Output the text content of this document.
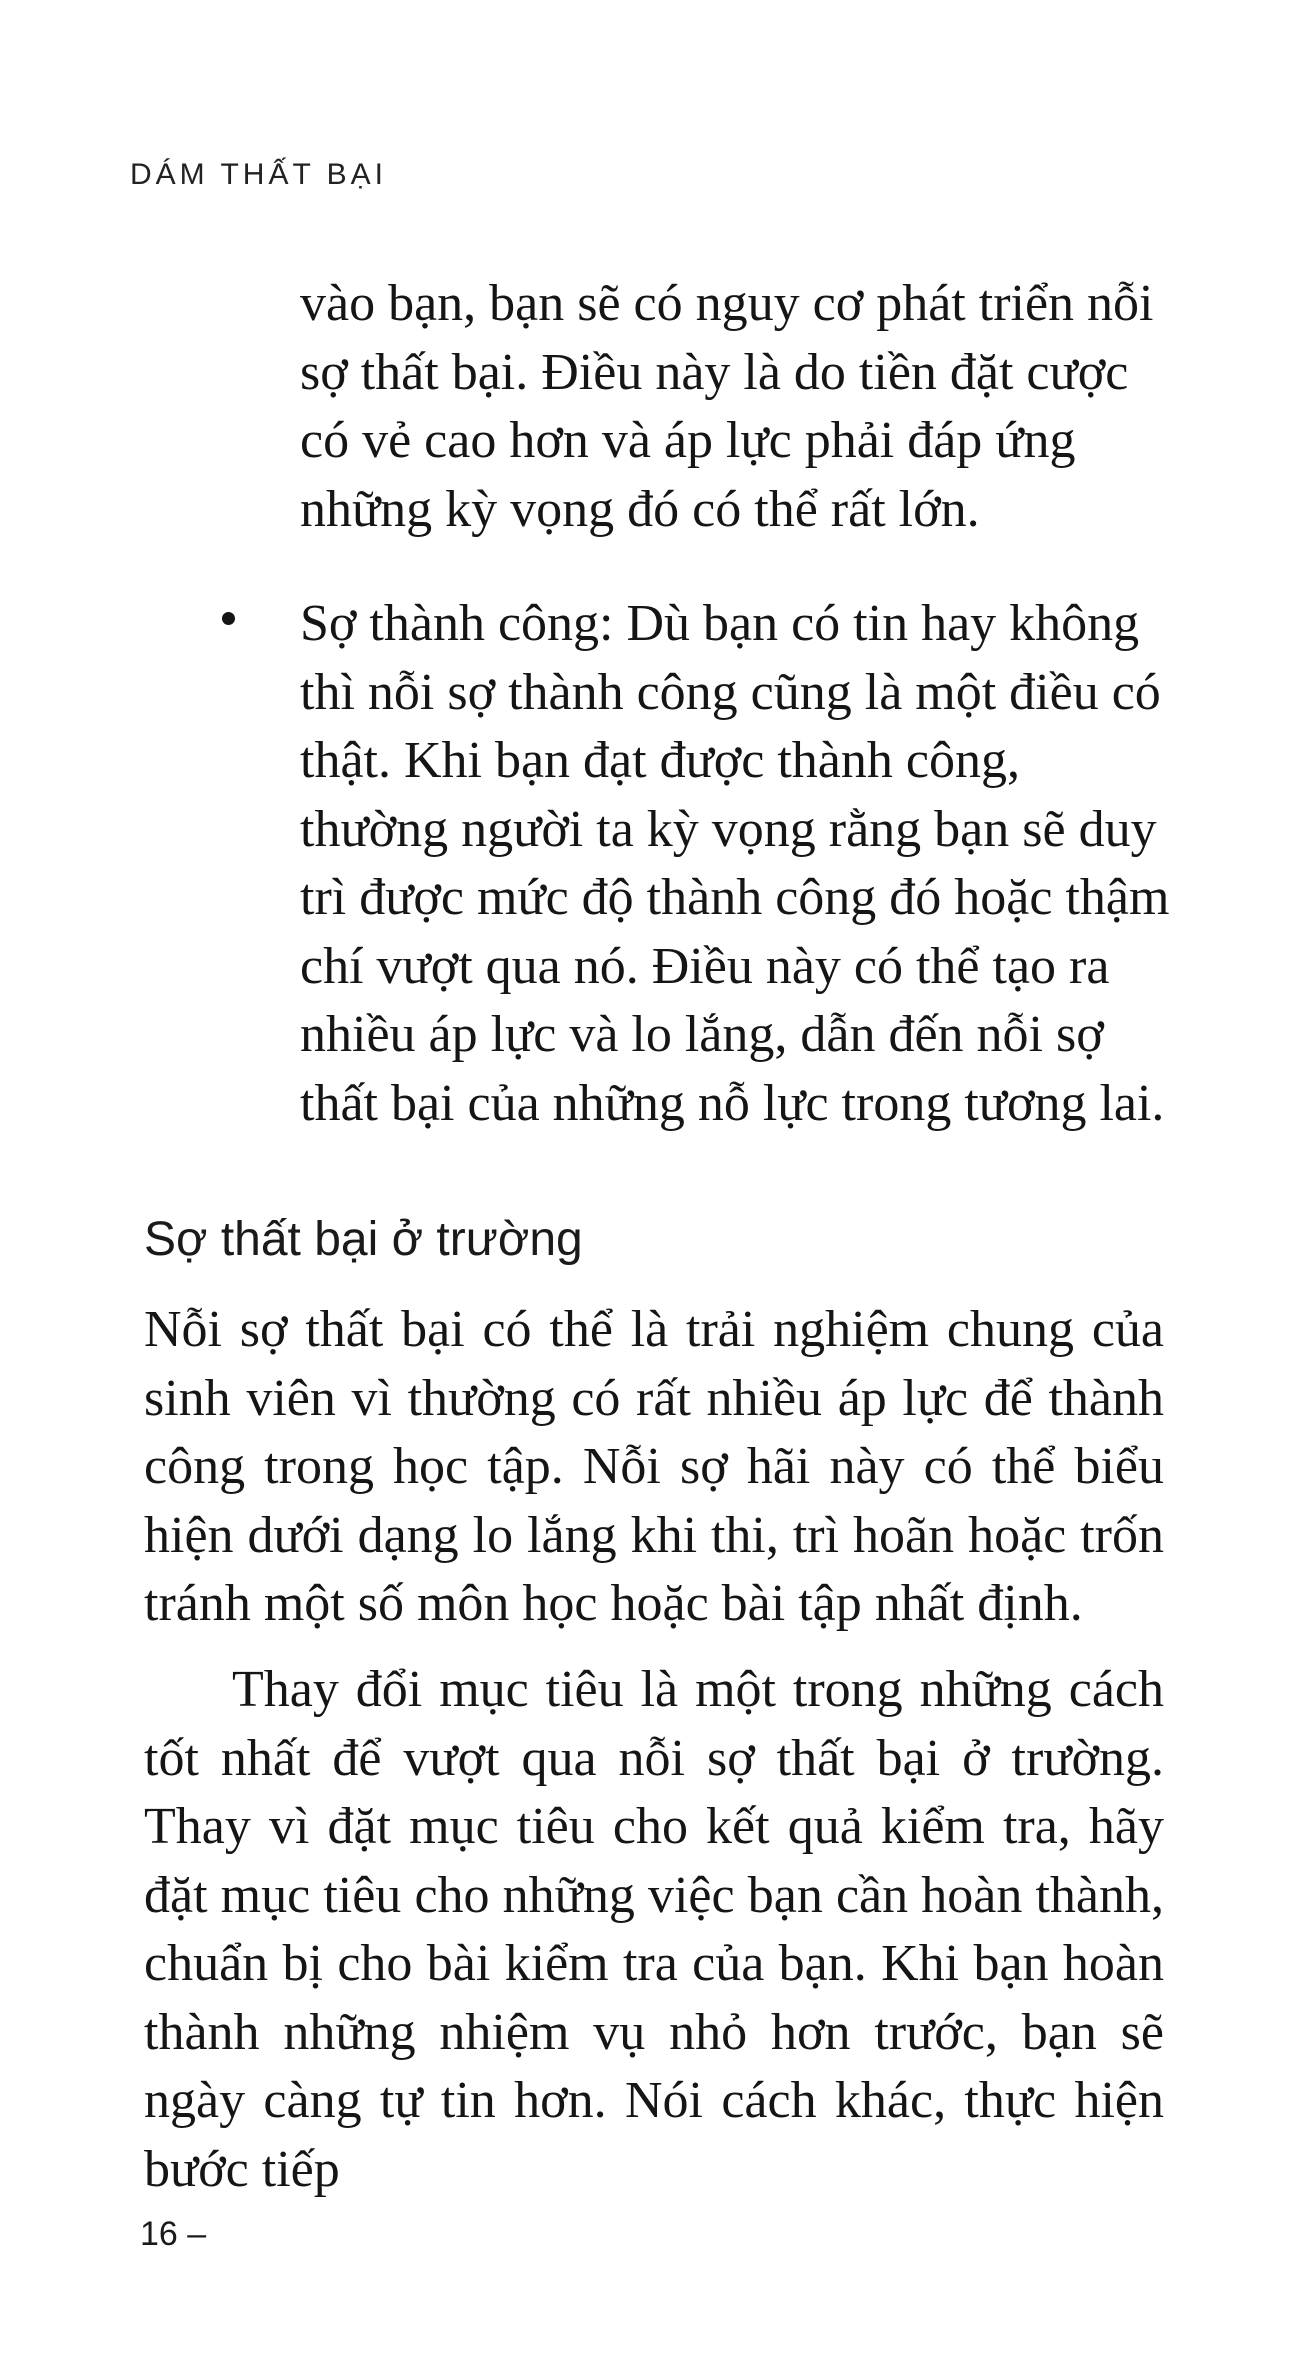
DÁM THẤT BẠI

vào bạn, bạn sẽ có nguy cơ phát triển nỗi sợ thất bại. Điều này là do tiền đặt cược có vẻ cao hơn và áp lực phải đáp ứng những kỳ vọng đó có thể rất lớn.

Sợ thành công: Dù bạn có tin hay không thì nỗi sợ thành công cũng là một điều có thật. Khi bạn đạt được thành công, thường người ta kỳ vọng rằng bạn sẽ duy trì được mức độ thành công đó hoặc thậm chí vượt qua nó. Điều này có thể tạo ra nhiều áp lực và lo lắng, dẫn đến nỗi sợ thất bại của những nỗ lực trong tương lai.

Sợ thất bại ở trường

Nỗi sợ thất bại có thể là trải nghiệm chung của sinh viên vì thường có rất nhiều áp lực để thành công trong học tập. Nỗi sợ hãi này có thể biểu hiện dưới dạng lo lắng khi thi, trì hoãn hoặc trốn tránh một số môn học hoặc bài tập nhất định.

Thay đổi mục tiêu là một trong những cách tốt nhất để vượt qua nỗi sợ thất bại ở trường. Thay vì đặt mục tiêu cho kết quả kiểm tra, hãy đặt mục tiêu cho những việc bạn cần hoàn thành, chuẩn bị cho bài kiểm tra của bạn. Khi bạn hoàn thành những nhiệm vụ nhỏ hơn trước, bạn sẽ ngày càng tự tin hơn. Nói cách khác, thực hiện bước tiếp

16 –
